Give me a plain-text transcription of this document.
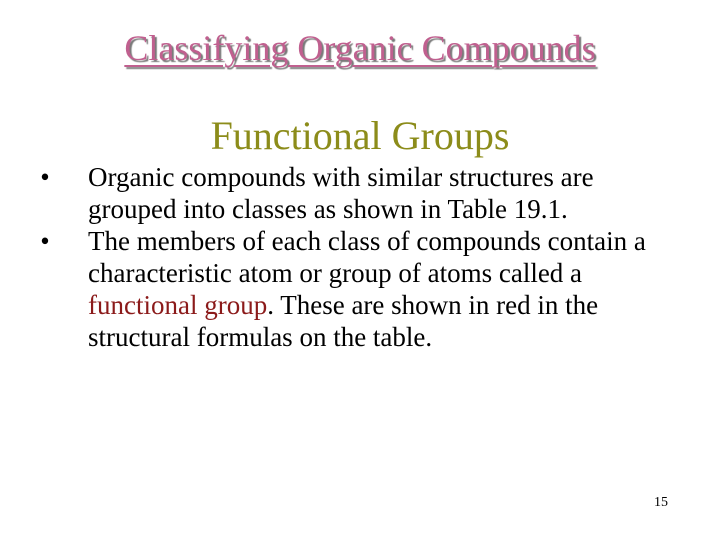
Classifying Organic Compounds
Functional Groups
•	Organic compounds with similar structures are grouped into classes as shown in Table 19.1.
•	The members of each class of compounds contain a characteristic atom or group of atoms called a functional group. These are shown in red in the structural formulas on the table.
15
